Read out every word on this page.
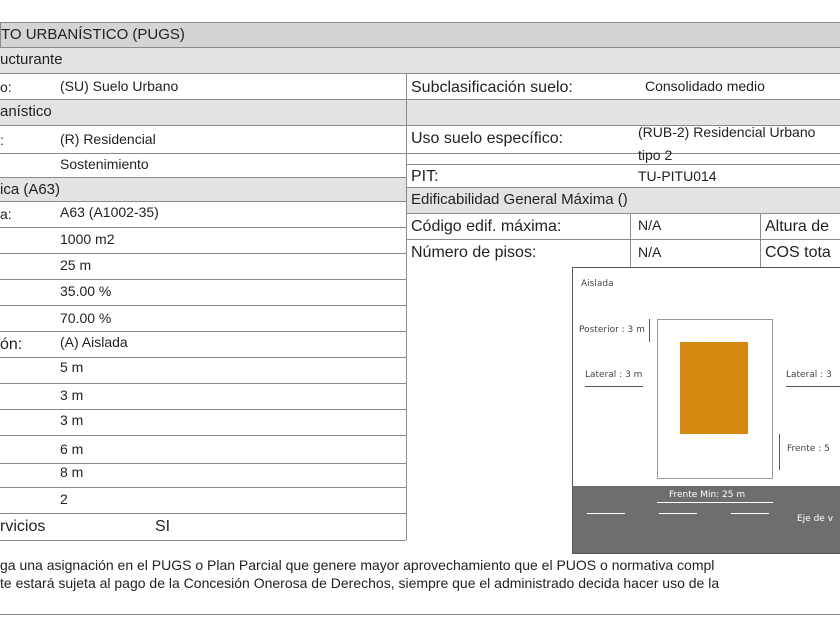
TO URBANÍSTICO (PUGS)
ucturante
o:	(SU) Suelo Urbano	Subclasificación suelo:	Consolidado medio
anístico
:	(R) Residencial	Uso suelo específico:	(RUB-2) Residencial Urbano
tipo 2
Sostenimiento
PIT:	TU-PITU014
ica (A63)
Edificabilidad General Máxima ()
Código edif. máxima:	N/A	Altura de
Número de pisos:	N/A	COS tota
a:	A63 (A1002-35)
1000 m2
25 m
35.00 %
70.00 %
ón:	(A) Aislada
5 m
3 m
3 m
6 m
8 m
2
rvicios	SI
Aislada
Posterior : 3 m
Lateral : 3 m	Lateral : 3
Frente : 5
Frente Min: 25 m
Eje de v
ga una asignación en el PUGS o Plan Parcial que genere mayor aprovechamiento que el PUOS o normativa compl
te estará sujeta al pago de la Concesión Onerosa de Derechos, siempre que el administrado decida hacer uso de la
